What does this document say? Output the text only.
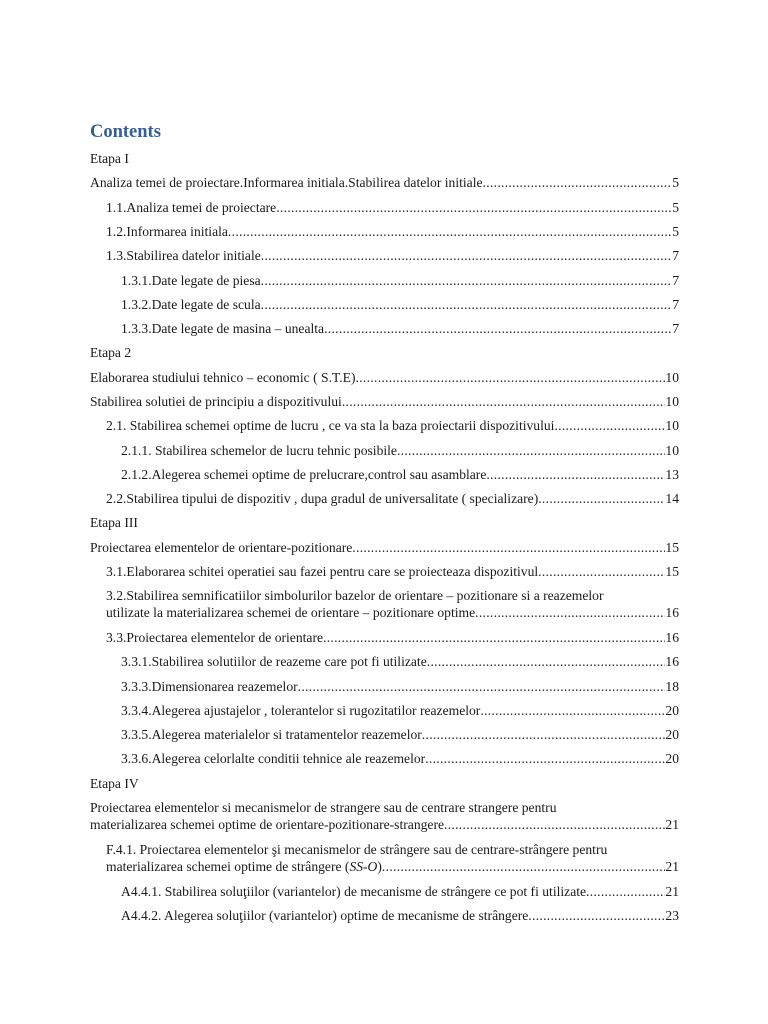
Contents
Etapa I
Analiza temei de proiectare.Informarea initiala.Stabilirea datelor initiale .....	5
1.1.Analiza temei de proiectare .....	5
1.2.Informarea initiala .....	5
1.3.Stabilirea datelor initiale .....	7
1.3.1.Date legate de piesa .....	7
1.3.2.Date legate de scula .....	7
1.3.3.Date legate de masina – unealta .....	7
Etapa 2
Elaborarea studiului tehnico – economic ( S.T.E) .....	10
Stabilirea solutiei de principiu a dispozitivului .....	10
2.1. Stabilirea schemei optime de lucru , ce va sta la baza proiectarii dispozitivului .....	10
2.1.1. Stabilirea schemelor de lucru tehnic posibile .....	10
2.1.2.Alegerea schemei optime de prelucrare,control sau asamblare .....	13
2.2.Stabilirea tipului de dispozitiv , dupa gradul de universalitate ( specializare) .....	14
Etapa III
Proiectarea elementelor de orientare-pozitionare .....	15
3.1.Elaborarea schitei operatiei sau fazei pentru care se proiecteaza dispozitivul .....	15
3.2.Stabilirea semnificatiilor simbolurilor bazelor de orientare – pozitionare si a reazemelor
utilizate la materializarea schemei de orientare – pozitionare optime .....	16
3.3.Proiectarea elementelor de orientare .....	16
3.3.1.Stabilirea solutiilor de reazeme care pot fi utilizate .....	16
3.3.3.Dimensionarea reazemelor .....	18
3.3.4.Alegerea ajustajelor , tolerantelor si rugozitatilor reazemelor .....	20
3.3.5.Alegerea materialelor si tratamentelor reazemelor .....	20
3.3.6.Alegerea celorlalte conditii tehnice ale reazemelor .....	20
Etapa IV
Proiectarea elementelor si mecanismelor de strangere sau de centrare strangere pentru
materializarea schemei optime de orientare-pozitionare-strangere .....	21
F.4.1. Proiectarea elementelor şi mecanismelor de strângere sau de centrare-strângere pentru
materializarea schemei optime de strângere (SS-O) .....	21
A4.4.1. Stabilirea soluţiilor (variantelor) de mecanisme de strângere ce pot fi utilizate .....	21
A4.4.2. Alegerea soluţiilor (variantelor) optime de mecanisme de strângere .....	23
